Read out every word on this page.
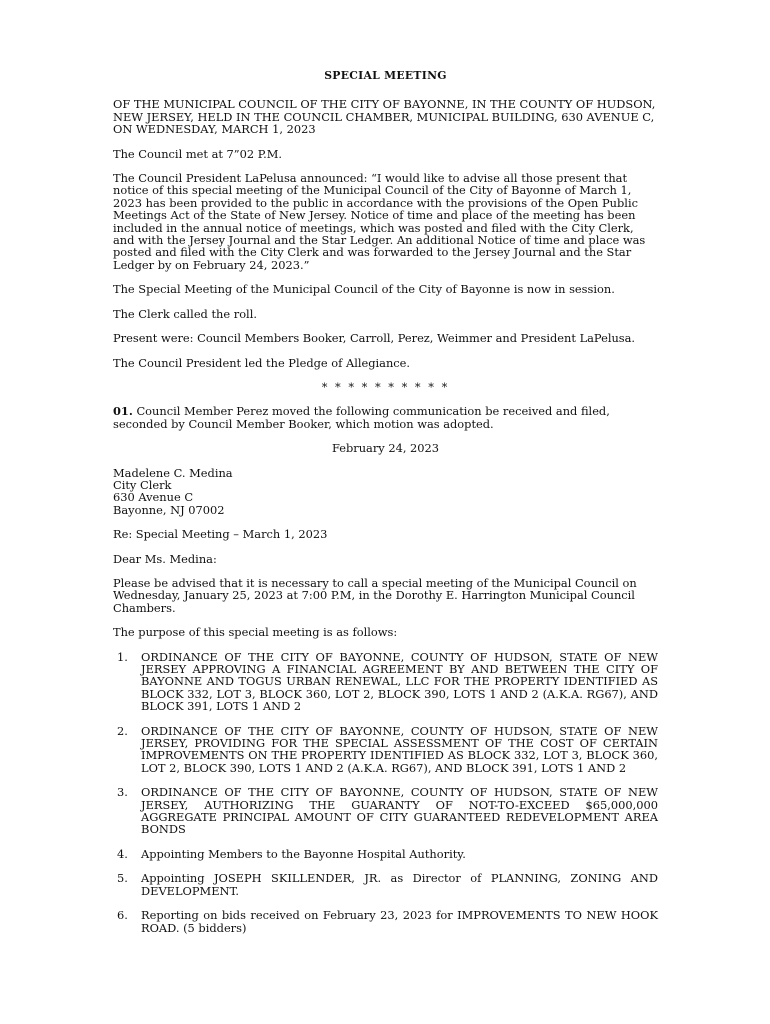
SPECIAL MEETING

OF THE MUNICIPAL COUNCIL OF THE CITY OF BAYONNE, IN THE COUNTY OF HUDSON, NEW JERSEY, HELD IN THE COUNCIL CHAMBER, MUNICIPAL BUILDING, 630 AVENUE C, ON WEDNESDAY, MARCH 1, 2023

The Council met at 7”02 P.M.

The Council President LaPelusa announced: “I would like to advise all those present that notice of this special meeting of the Municipal Council of the City of Bayonne of March 1, 2023 has been provided to the public in accordance with the provisions of the Open Public Meetings Act of the State of New Jersey. Notice of time and place of the meeting has been included in the annual notice of meetings, which was posted and filed with the City Clerk, and with the Jersey Journal and the Star Ledger. An additional Notice of time and place was posted and filed with the City Clerk and was forwarded to the Jersey Journal and the Star Ledger by on February 24, 2023.”

The Special Meeting of the Municipal Council of the City of Bayonne is now in session.

The Clerk called the roll.

Present were: Council Members Booker, Carroll, Perez, Weimmer and President LaPelusa.

The Council President led the Pledge of Allegiance.

* * * * * * * * * *

01. Council Member Perez moved the following communication be received and filed, seconded by Council Member Booker, which motion was adopted.

February 24, 2023

Madelene C. Medina

City Clerk

630 Avenue C

Bayonne, NJ 07002

Re: Special Meeting – March 1, 2023

Dear Ms. Medina:

Please be advised that it is necessary to call a special meeting of the Municipal Council on Wednesday, January 25, 2023 at 7:00 P.M, in the Dorothy E. Harrington Municipal Council Chambers.

The purpose of this special meeting is as follows:

1. ORDINANCE OF THE CITY OF BAYONNE, COUNTY OF HUDSON, STATE OF NEW JERSEY APPROVING A FINANCIAL AGREEMENT BY AND BETWEEN THE CITY OF BAYONNE AND TOGUS URBAN RENEWAL, LLC FOR THE PROPERTY IDENTIFIED AS BLOCK 332, LOT 3, BLOCK 360, LOT 2, BLOCK 390, LOTS 1 AND 2 (A.K.A. RG67), AND BLOCK 391, LOTS 1 AND 2
2. ORDINANCE OF THE CITY OF BAYONNE, COUNTY OF HUDSON, STATE OF NEW JERSEY, PROVIDING FOR THE SPECIAL ASSESSMENT OF THE COST OF CERTAIN IMPROVEMENTS ON THE PROPERTY IDENTIFIED AS BLOCK 332, LOT 3, BLOCK 360, LOT 2, BLOCK 390, LOTS 1 AND 2 (A.K.A. RG67), AND BLOCK 391, LOTS 1 AND 2
3. ORDINANCE OF THE CITY OF BAYONNE, COUNTY OF HUDSON, STATE OF NEW JERSEY, AUTHORIZING THE GUARANTY OF NOT-TO-EXCEED $65,000,000 AGGREGATE PRINCIPAL AMOUNT OF CITY GUARANTEED REDEVELOPMENT AREA BONDS
4. Appointing Members to the Bayonne Hospital Authority.
5. Appointing JOSEPH SKILLENDER, JR. as Director of PLANNING, ZONING AND DEVELOPMENT.
6. Reporting on bids received on February 23, 2023 for IMPROVEMENTS TO NEW HOOK ROAD. (5 bidders)
